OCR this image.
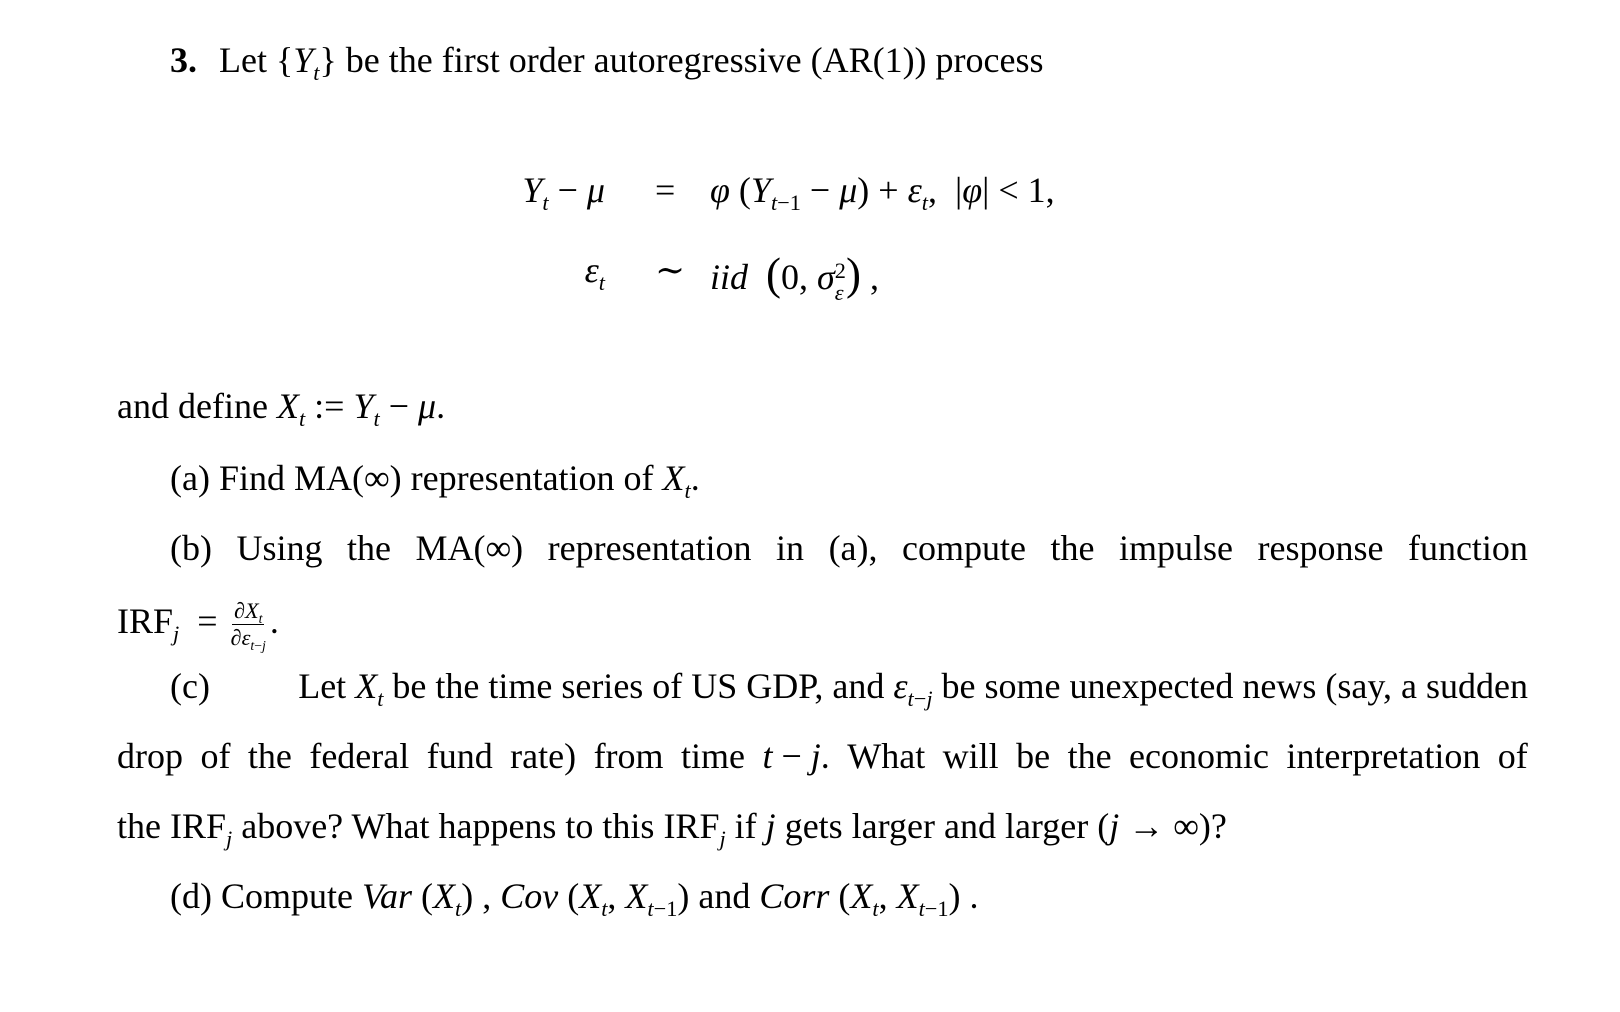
3. Let $\{Y_t\}$ be the first order autoregressive (AR(1)) process
$Y_t - \mu = \varphi$ $(Y_{t-1} - \mu) + \varepsilon_t$,  |φ| < 1,
$\varepsilon_t$ ∼ iid (0, σ 2
ε ) ,
and define $X_t$ := $Y_t - \mu$.
(a) Find MA(∞) representation of $X_t$.
(b) Using the MA(∞) representation in (a), compute the impulse response function
$IRF_j = \frac{\partial X_t}{\partial\varepsilon_{t-j}}$ .
(c) Let $X_t$ be the time series of US GDP, and $\varepsilon_{t-j}$ be some unexpected news (say, a sudden
drop of the federal fund rate) from time t − j. What will be the economic interpretation of
the $IRF_j$ above? What happens to this $IRF_j$ if j gets larger and larger (j → ∞)?
(d) Compute Var $(X_t)$ , Cov ($X_t$, $X_{t-1}$) and Corr ($X_t$, $X_{t-1}$) .
